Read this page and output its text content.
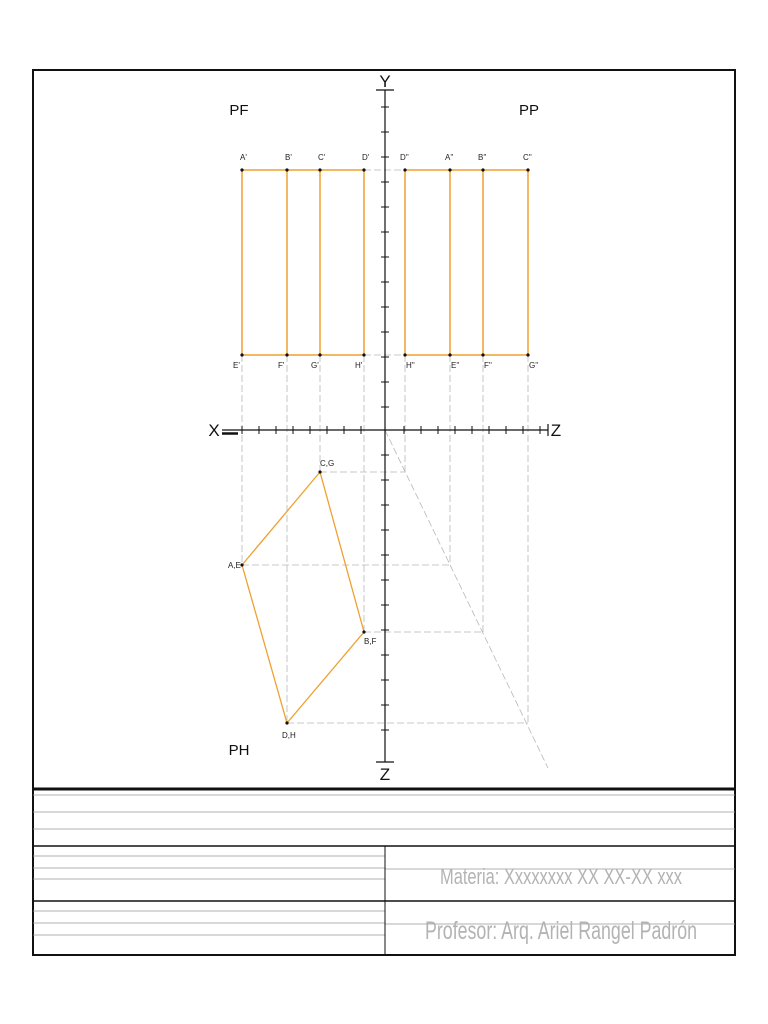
Materia: Xxxxxxxx XX XX-XX xxx
Profesor: Arq. Ariel Rangel Padrón
Y
X	Z
Z
PF	PP
PH
A'	B'	C'	D'
E'	F'	G'	H'
D''	A''	B''	C''
H''	E''	F''	G''
C,G
A,E
B,F
D,H
